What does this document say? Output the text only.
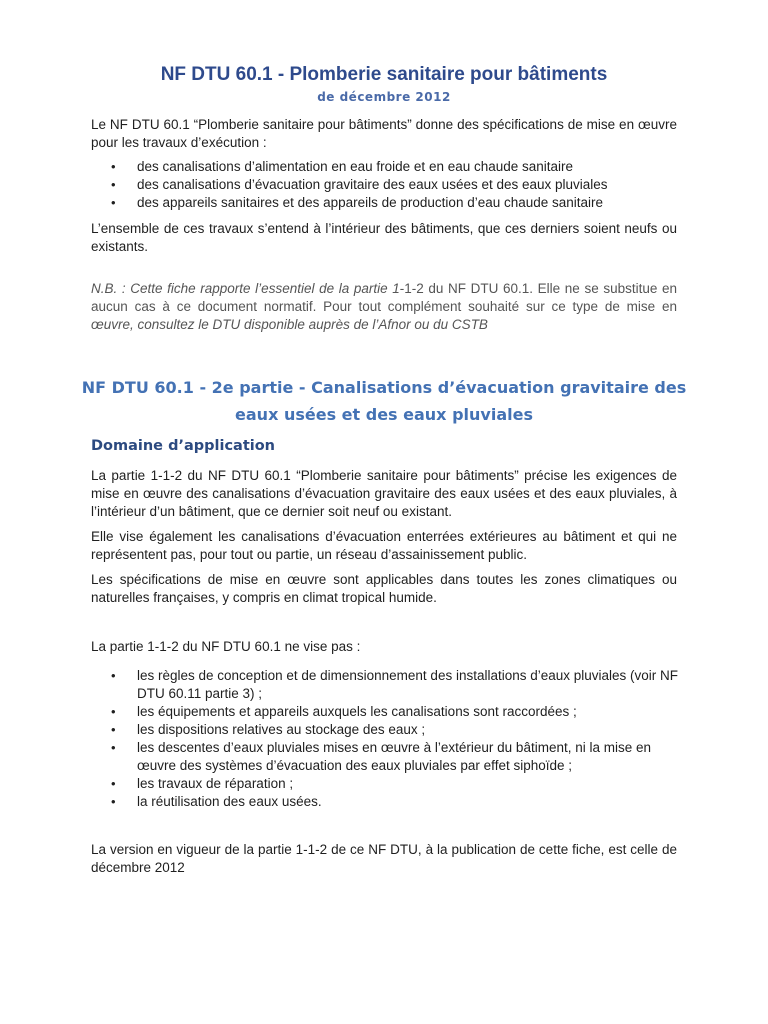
NF DTU 60.1 - Plomberie sanitaire pour bâtiments
de décembre 2012

Le NF DTU 60.1 “Plomberie sanitaire pour bâtiments” donne des spécifications de mise en œuvre pour les travaux d’exécution :

• des canalisations d’alimentation en eau froide et en eau chaude sanitaire
• des canalisations d’évacuation gravitaire des eaux usées et des eaux pluviales
• des appareils sanitaires et des appareils de production d’eau chaude sanitaire

L’ensemble de ces travaux s’entend à l’intérieur des bâtiments, que ces derniers soient neufs ou existants.

N.B. : Cette fiche rapporte l’essentiel de la partie 1-1-2 du NF DTU 60.1. Elle ne se substitue en aucun cas à ce document normatif. Pour tout complément souhaité sur ce type de mise en œuvre, consultez le DTU disponible auprès de l’Afnor ou du CSTB

NF DTU 60.1 - 2e partie - Canalisations d’évacuation gravitaire des
eaux usées et des eaux pluviales
Domaine d’application

La partie 1-1-2 du NF DTU 60.1 “Plomberie sanitaire pour bâtiments” précise les exigences de mise en œuvre des canalisations d’évacuation gravitaire des eaux usées et des eaux pluviales, à l’intérieur d’un bâtiment, que ce dernier soit neuf ou existant.

Elle vise également les canalisations d’évacuation enterrées extérieures au bâtiment et qui ne représentent pas, pour tout ou partie, un réseau d’assainissement public.

Les spécifications de mise en œuvre sont applicables dans toutes les zones climatiques ou naturelles françaises, y compris en climat tropical humide.

La partie 1-1-2 du NF DTU 60.1 ne vise pas :

• les règles de conception et de dimensionnement des installations d’eaux pluviales (voir NF DTU 60.11 partie 3) ;
• les équipements et appareils auxquels les canalisations sont raccordées ;
• les dispositions relatives au stockage des eaux ;
• les descentes d’eaux pluviales mises en œuvre à l’extérieur du bâtiment, ni la mise en œuvre des systèmes d’évacuation des eaux pluviales par effet siphoïde ;
• les travaux de réparation ;
• la réutilisation des eaux usées.

La version en vigueur de la partie 1-1-2 de ce NF DTU, à la publication de cette fiche, est celle de décembre 2012
